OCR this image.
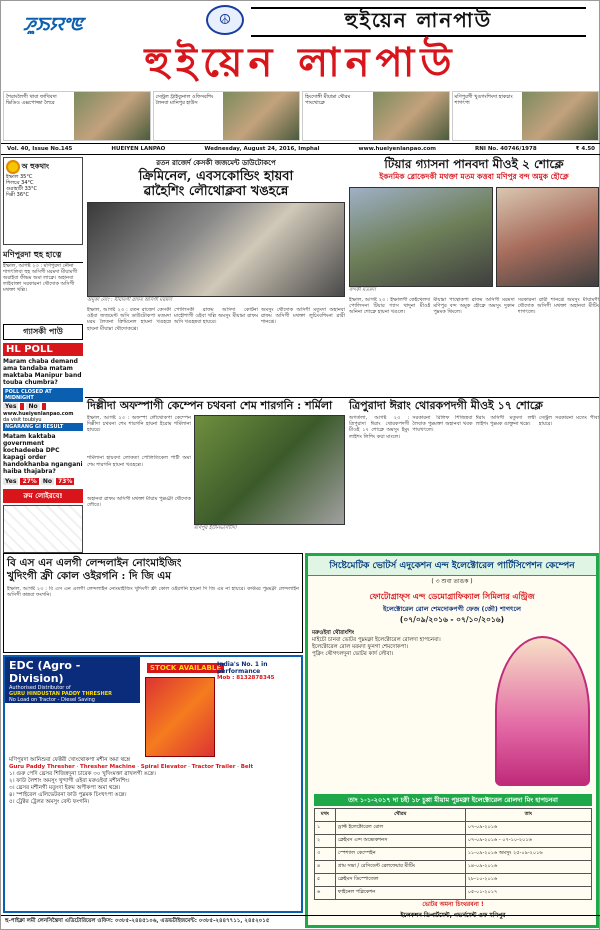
ꯍꯨꯏꯌꯦꯟ	☮	হুইয়েন লানপাউ
হুইয়েন লানপাউ
শৈরাংলৈগী থাবা ফাখিবদা ভিডিও এক্সপোজ্জা লৈরে
সেন্ট্রল ট্রাইব্যুনাল ওফিসরশিং লৈনবা মানিপুর হাউস
হিংদোঙ্গী মীয়াম্না থৌরম পাংথোক্লে
মণিপুরগী খুঙগংশিংদা হাকচাং শাগৎপা
Vol. 40, Issue No.145	HUEIYEN LANPAO	Wednesday, August 24, 2016, Imphal	www.hueiyenlanpao.com	RNI No. 40746/1978	₹ 4.50
অ হুকথাং
ইম্ফাল 35°C
শিলচর 34°C
গুৱাহাটী 33°C
দিল্লী 36°C
মণিপুরদা হুহ হাত্নে
ইম্ফাল, আগষ্ট ২৩ : মণিপুরদা নৌনা শাগৎলিবা হুহ অসিগী মরমদা মীয়ামগী অরাইবা ফীভম অমা লাক্লে। অহানবা লাইবাক্তা সরকারনা থৌদোক অসিগী মথক্তা খল্লি।
গ্যাসকী পাউ
HL POLL
Maram chaba demand ama tandaba matam maktaba Manipur band touba chumbra?
POLL CLOSED AT MIDNIGHT
Yes	No
www.hueiyenlanpao.com
da visit toubiyu
NGARANG GI RESULT
Matam kaktaba government kochadeeba DPC kapagi order handokhanba ngangani haiba thajabra?
Yes	27%	No	73%
রুম লোইরবে!
রতন রাজের্দ কেসকী জজমেন্ট ডাউটোকপে
ক্রিমিনেল, এবসকোন্ডিং হায়বা
ৱাহৈশিং লৌথোক্লবা খঙহন্নে
অমুকা নোং : মীয়ামগী ৱাফম অসিগী মরমদা
ইম্ফাল, আগষ্ট ২৩ : রতন রাজের্দ কেসকী ওইবা জজমেন্ট অসি ডাউটোকপা মতমদা মরম লৈতনা ক্রিমিনেল হায়না খঙহন্নে হায়না মীয়াম্না থৌদোকখ্রে।
পোলিসকী ৱাফম অসিদা কোর্টনা মাহৌশাগী ওইবা খল্লি অমসুং মীয়াম্না ৱাফম অসি খঙহন্নবা হায়রে।
অমসুং থৌদোক অসিগী মতুংদা অহানবা ৱাফম অসিগী মথক্তা লুচিংবশিংনা ৱারী শানখ্রে।
টিয়ার গ্যাসনা পানবদা মীওই ২ শোক্লে
ইকনমিক ব্লোকেদকী মথক্তা মতম কত্তবা মণিপুর বন্দ অমুক হৌক্লে
বন্দকী মতমদা
ইম্ফাল, আগষ্ট ২৩ : ইম্ফালগী কেইথেলদা পোলিসনা টিয়ার গ্যাস থাদুনা মীওই অনিনা শোক্লে হায়না খঙলে।
মীয়াম্না পান্থোকপা ৱাফম অসিগী মরমদা মণিপুর বন্দ অমুক হৌক্লে অমসুং দুকান পুম্নমক থিংলে।
সরকারনা ৱারী শানখ্রে অমসুং মীয়ামগী থৌদোক অসিগী মথক্তা অহানবা মীটিং শাগৎলে।
দিল্লীদা অফস্পাগী কেম্পেন চথবনা শেম শারগনি : শর্মিলা
ইম্ফাল, আগষ্ট ২৩ : অফস্পা লৌথোকপা কেম্পেন দিল্লীদা চথবনা শেম শারগনি হায়না ইরোম শর্মিলানা হায়রে।
শর্মিলানা হায়বদা লোকতা পোলিতিকেল পার্টী অমা শেম শারগনি হায়না খঙহল্লে।
অহানবা ৱাফম অসিগী মথক্তা মীয়াম পুম্নমক্না থৌদোক লৌরে।
মণিপুর ইউনিভর্সিটীদা
ত্রিপুরাদা ঈরাং থোরকপদগী মীওই ১৭ শোক্লে
অগর্তলা, আগষ্ট ২৩ : ত্রিপুরাদা ঈরাং থোরকপদগী মীওই ১৭ শোক্লে অমসুং ইমুং লাইশং লিশিং কয়া মাংলে।
সরকারনা রিলিফ শিজিন্নবা লৈবাক পুম্নমক্তা অহানবা থবক পায়খৎলে।
ঈরাং অসিগী মতুংদা লম্বী লাইশং পুম্নমক ঙাক্তুনা থম্লে।
সেন্ট্রল সরকারনা মতেং পীবা হায়রে।
বি এস এন এলগী লেন্দলাইন নোংমাইজিং
খুদিংগী ফ্রী কোল ওইরগনি : দি জি এম
ইম্ফাল, আগষ্ট ২৩ : বি এস এন এলগী লেন্দলাইন নোংমাইজিং খুদিংগী ফ্রী কোল ওইরগনি হায়না দি জি এম না হায়রে। কস্টমর পুম্নমক্না লেন্দলাইন অসিগী কান্নবা ফংগনি।
সিষ্টেমেটিক ভোটর্স এদুকেশন এন্দ ইলেক্টোরেল পার্টিসিপেশন কেম্পেন
( ৩ শুবা তাঙক )
ফোটোগ্রাফ্স এন্দ ডেমোগ্রাফিক্যাল সিমিলার এন্ট্রিজ
ইলেক্টোরেল রোল শেমদোকপগী ফেজ (জৌ) শাগৎলে
(০৭/০৯/২০১৬ - ০৭/১০/২০১৬)
মরুওইবা থৌরাংশিং
মাইচৌ চানবা ভোটর পুম্নমক্না ইলেক্টোরেল রোলদা হাপচনবা।
ইলেক্টোরেল রোল মরমদা ফুনগা শেমদোকপা।
পুক্নিং থৌগৎলদুনা ভোটর কার্দ লৌবা।
তাং ১-১-২০১৭ দা চহী ১৮ চুপ্পা মীয়াম পুম্নমক্না ইলেক্টোরেল রোলদা মিং হাপচনবা
মথং	থৌরম	তাং
১	ড্রাফ্ট ইলেক্টোরেল রোল	০৭-০৯-২০১৬
২	ক্লেইমস এন্দ অব্জেকশনস	০৭-০৯-২০১৬ - ০৭-১০-২০১৬
৩	স্পেশ্যাল কেম্পেইন	১১-০৯-২০১৬ অমসুং ২৫-০৯-২০১৬
৪	গ্রাম সভা / রেসিডেন্ট ৱেলফেয়ার মীটিং	১৪-০৯-২০১৬
৫	ক্লেইমস ডিস্পোজেল	২৮-১০-২০১৬
৬	ফাইনেল পব্লিকেশন	০৫-০১-২০১৭
ভোটর অমনা চিংথরবনা !
ইলেকশন ডিপার্টমেন্ট, গভর্নমেন্ট ওফ মণিপুর
EDC (Agro - Division)
Authorised Distributor of
GURU HINDUSTAN PADDY THRESHER
No Load on Tractor - Diesel Saving
Kwakeithel Tiddim Road, Opp. Imphal College
STOCK AVAILABLE
India's No. 1 in performance
Mob : 8132878345
মণিপুরদা আনিশুবা ফেক্টরী খোংথোকপা মশীন অমা থম্লে
Guru Paddy Thresher · Thresher Machine · Spiral Elevator · Tractor Trailer · Belt
১। গুরু পেদি থ্রেসর শিজিন্নদুনা চারেক ৩০ খুদিংমক্তা ৱাখলগী ঙম্লে।
২। ফাউ লৈশাং অমসুং খুন্দাগী ওইবা মরুওইবা মশীনশিং।
৩। থ্রেসর মশীনগী মতুংদা ইরুম অপীকপা অমা থম্লে।
৪। স্পাইরেল এলিভেটরনা ফাউ পুম্নমক চিংখৎপা ঙম্লে।
৫। ট্রেক্টর ট্রেলর অমসুং বেল্ট ফংগনি।
হু-পাইক্লা লমী লেনসিন্তৈদা এডিটোরিয়েল ওফিস: ০৩৮৫-২৪৪৫১০৬, এডভর্টাইজমেন্ট: ০৩৮৫-২৪৪৭৭১১, ২৪৫২০১৫
